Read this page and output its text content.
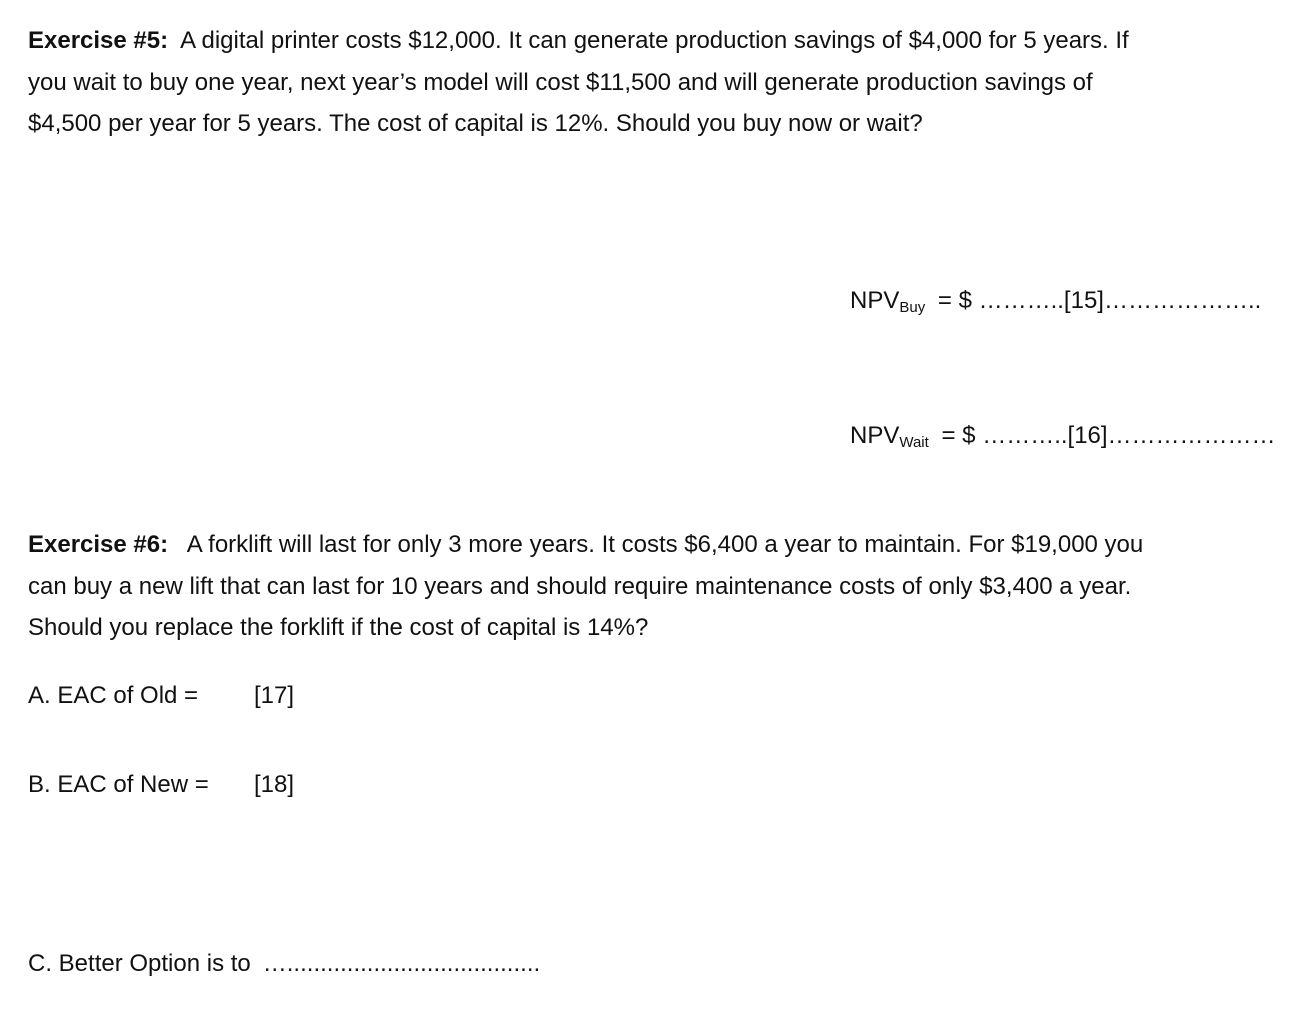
Exercise #5: A digital printer costs $12,000. It can generate production savings of $4,000 for 5 years. If
you wait to buy one year, next year’s model will cost $11,500 and will generate production savings of
$4,500 per year for 5 years. The cost of capital is 12%. Should you buy now or wait?
NPVBuy = $ ………..[15]………………..
NPVWait = $ ………..[16]…………………
Exercise #6: A forklift will last for only 3 more years. It costs $6,400 a year to maintain. For $19,000 you
can buy a new lift that can last for 10 years and should require maintenance costs of only $3,400 a year.
Should you replace the forklift if the cost of capital is 14%?
A. EAC of Old = [17]
B. EAC of New = [18]
C. Better Option is to …......................................
